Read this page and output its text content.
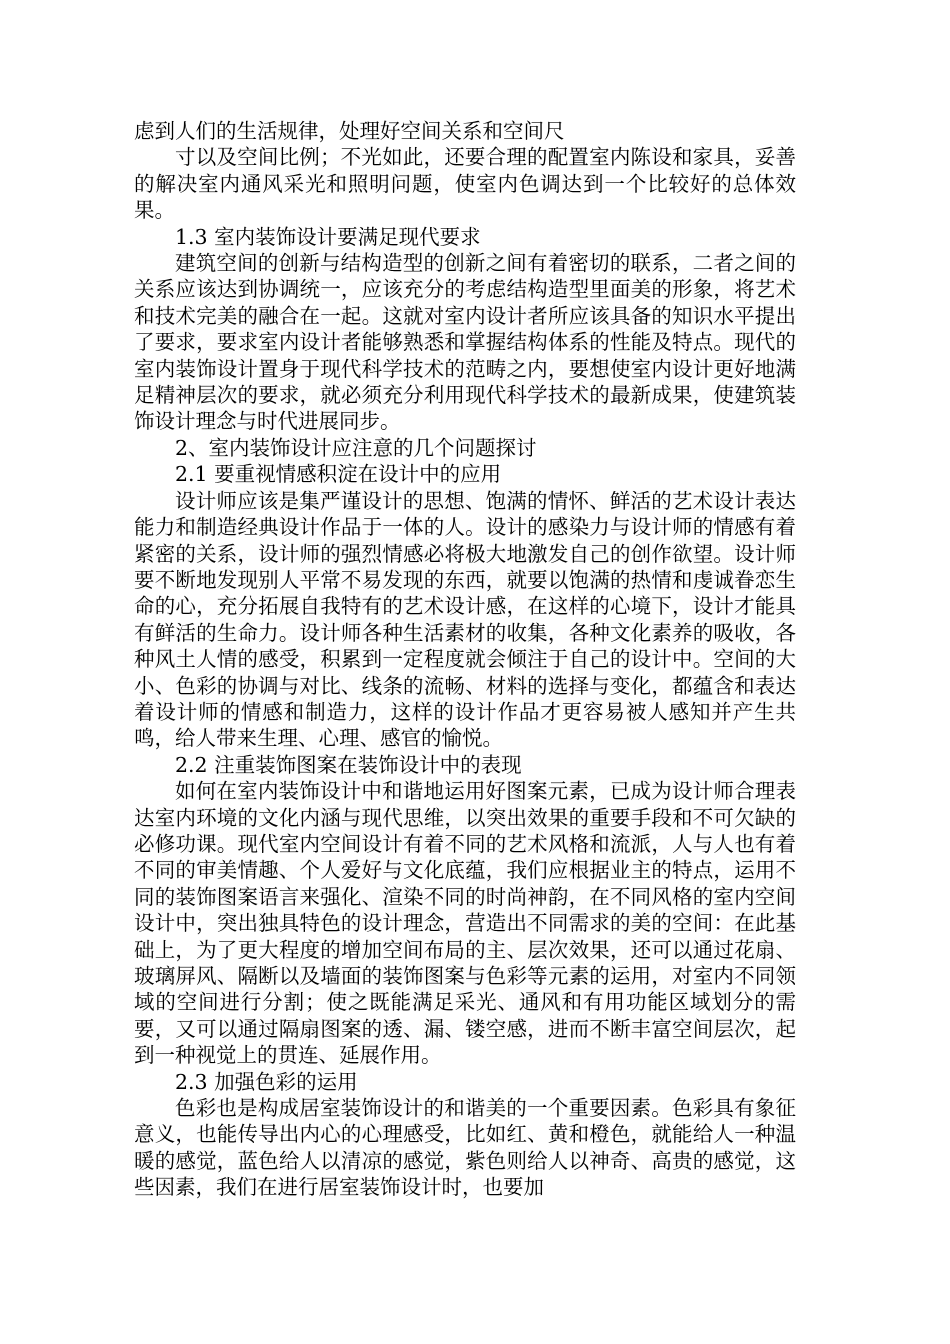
虑到人们的生活规律，处理好空间关系和空间尺

寸以及空间比例；不光如此，还要合理的配置室内陈设和家具，妥善的解决室内通风采光和照明问题，使室内色调达到一个比较好的总体效果。

1.3 室内装饰设计要满足现代要求

建筑空间的创新与结构造型的创新之间有着密切的联系，二者之间的关系应该达到协调统一，应该充分的考虑结构造型里面美的形象，将艺术和技术完美的融合在一起。这就对室内设计者所应该具备的知识水平提出了要求，要求室内设计者能够熟悉和掌握结构体系的性能及特点。现代的室内装饰设计置身于现代科学技术的范畴之内，要想使室内设计更好地满足精神层次的要求，就必须充分利用现代科学技术的最新成果，使建筑装饰设计理念与时代进展同步。

2、室内装饰设计应注意的几个问题探讨

2.1 要重视情感积淀在设计中的应用

设计师应该是集严谨设计的思想、饱满的情怀、鲜活的艺术设计表达能力和制造经典设计作品于一体的人。设计的感染力与设计师的情感有着紧密的关系，设计师的强烈情感必将极大地激发自己的创作欲望。设计师要不断地发现别人平常不易发现的东西，就要以饱满的热情和虔诚眷恋生命的心，充分拓展自我特有的艺术设计感，在这样的心境下，设计才能具有鲜活的生命力。设计师各种生活素材的收集，各种文化素养的吸收，各种风土人情的感受，积累到一定程度就会倾注于自己的设计中。空间的大小、色彩的协调与对比、线条的流畅、材料的选择与变化，都蕴含和表达着设计师的情感和制造力，这样的设计作品才更容易被人感知并产生共鸣，给人带来生理、心理、感官的愉悦。

2.2 注重装饰图案在装饰设计中的表现

如何在室内装饰设计中和谐地运用好图案元素，已成为设计师合理表达室内环境的文化内涵与现代思维，以突出效果的重要手段和不可欠缺的必修功课。现代室内空间设计有着不同的艺术风格和流派，人与人也有着不同的审美情趣、个人爱好与文化底蕴，我们应根据业主的特点，运用不同的装饰图案语言来强化、渲染不同的时尚神韵，在不同风格的室内空间设计中，突出独具特色的设计理念，营造出不同需求的美的空间：在此基础上，为了更大程度的增加空间布局的主、层次效果，还可以通过花扇、玻璃屏风、隔断以及墙面的装饰图案与色彩等元素的运用，对室内不同领域的空间进行分割；使之既能满足采光、通风和有用功能区域划分的需要，又可以通过隔扇图案的透、漏、镂空感，进而不断丰富空间层次，起到一种视觉上的贯连、延展作用。

2.3 加强色彩的运用

色彩也是构成居室装饰设计的和谐美的一个重要因素。色彩具有象征意义，也能传导出内心的心理感受，比如红、黄和橙色，就能给人一种温暖的感觉，蓝色给人以清凉的感觉，紫色则给人以神奇、高贵的感觉，这些因素，我们在进行居室装饰设计时，也要加
